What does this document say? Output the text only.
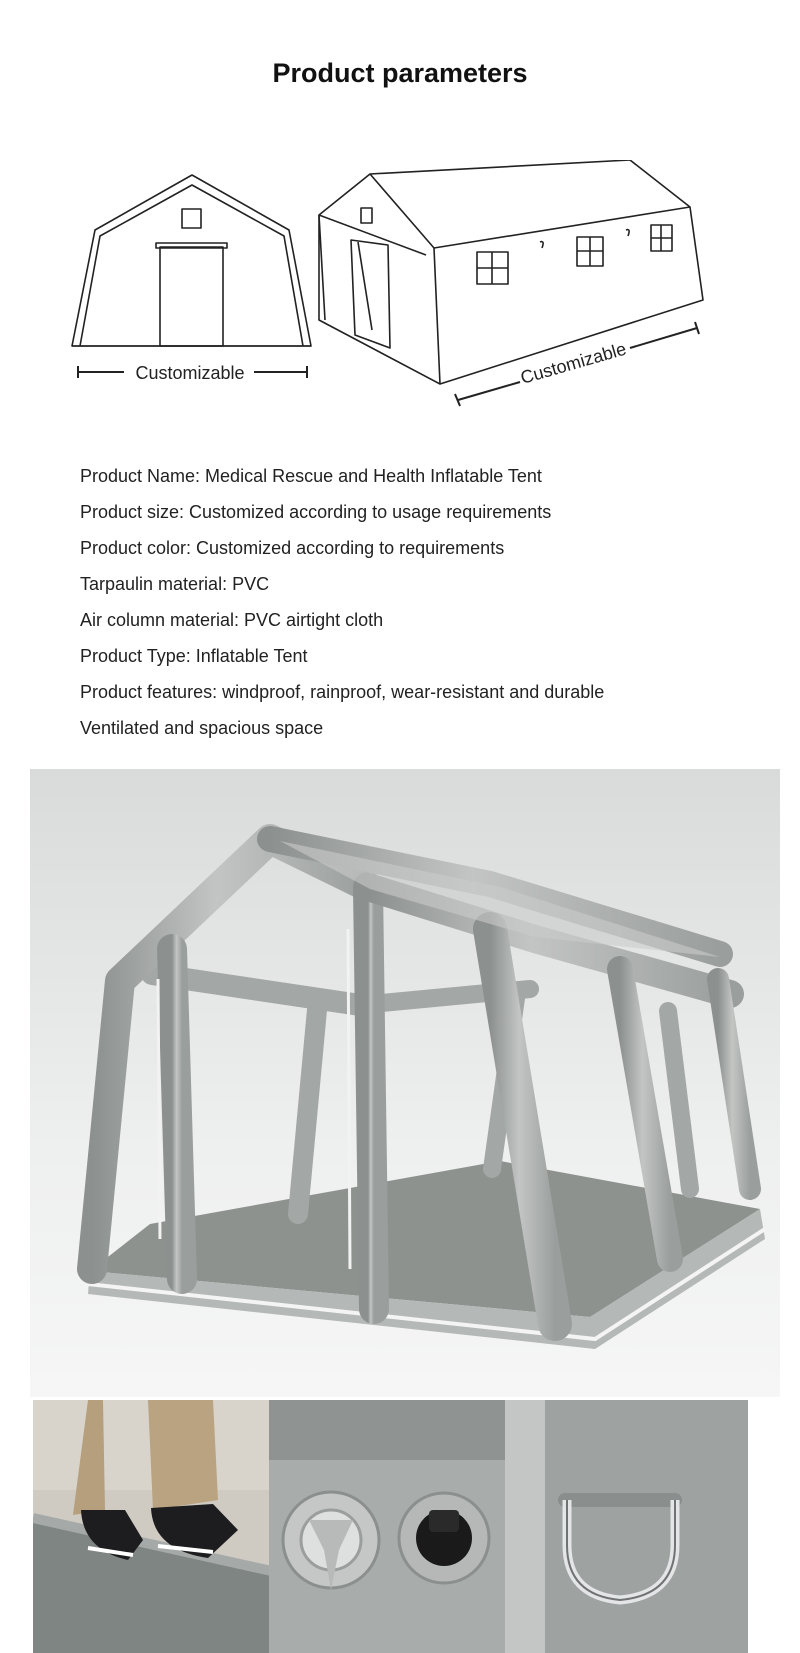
Product parameters
Customizable	Customizable
Product Name: Medical Rescue and Health Inflatable Tent
Product size: Customized according to usage requirements
Product color: Customized according to requirements
Tarpaulin material: PVC
Air column material: PVC airtight cloth
Product Type: Inflatable Tent
Product features: windproof, rainproof, wear-resistant and durable
Ventilated and spacious space
